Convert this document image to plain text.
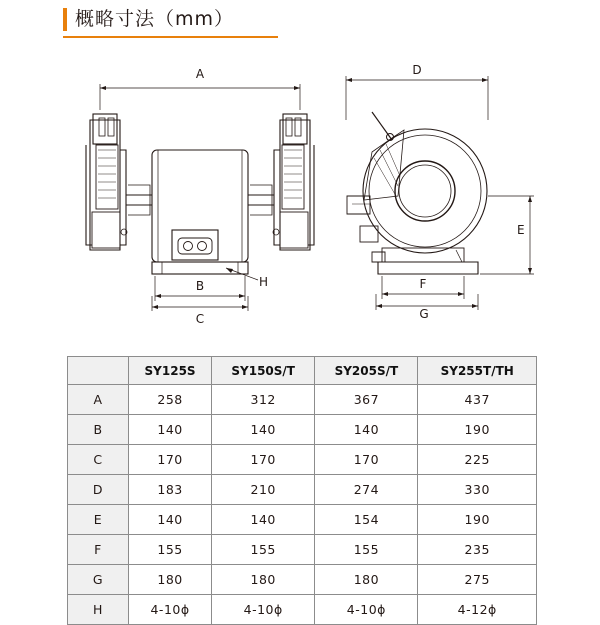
概略寸法（mm）
A
B
C
H
D
E
F
G
	SY125S	SY150S/T	SY205S/T	SY255T/TH
A	258	312	367	437
B	140	140	140	190
C	170	170	170	225
D	183	210	274	330
E	140	140	154	190
F	155	155	155	235
G	180	180	180	275
H	4-10ϕ	4-10ϕ	4-10ϕ	4-12ϕ
